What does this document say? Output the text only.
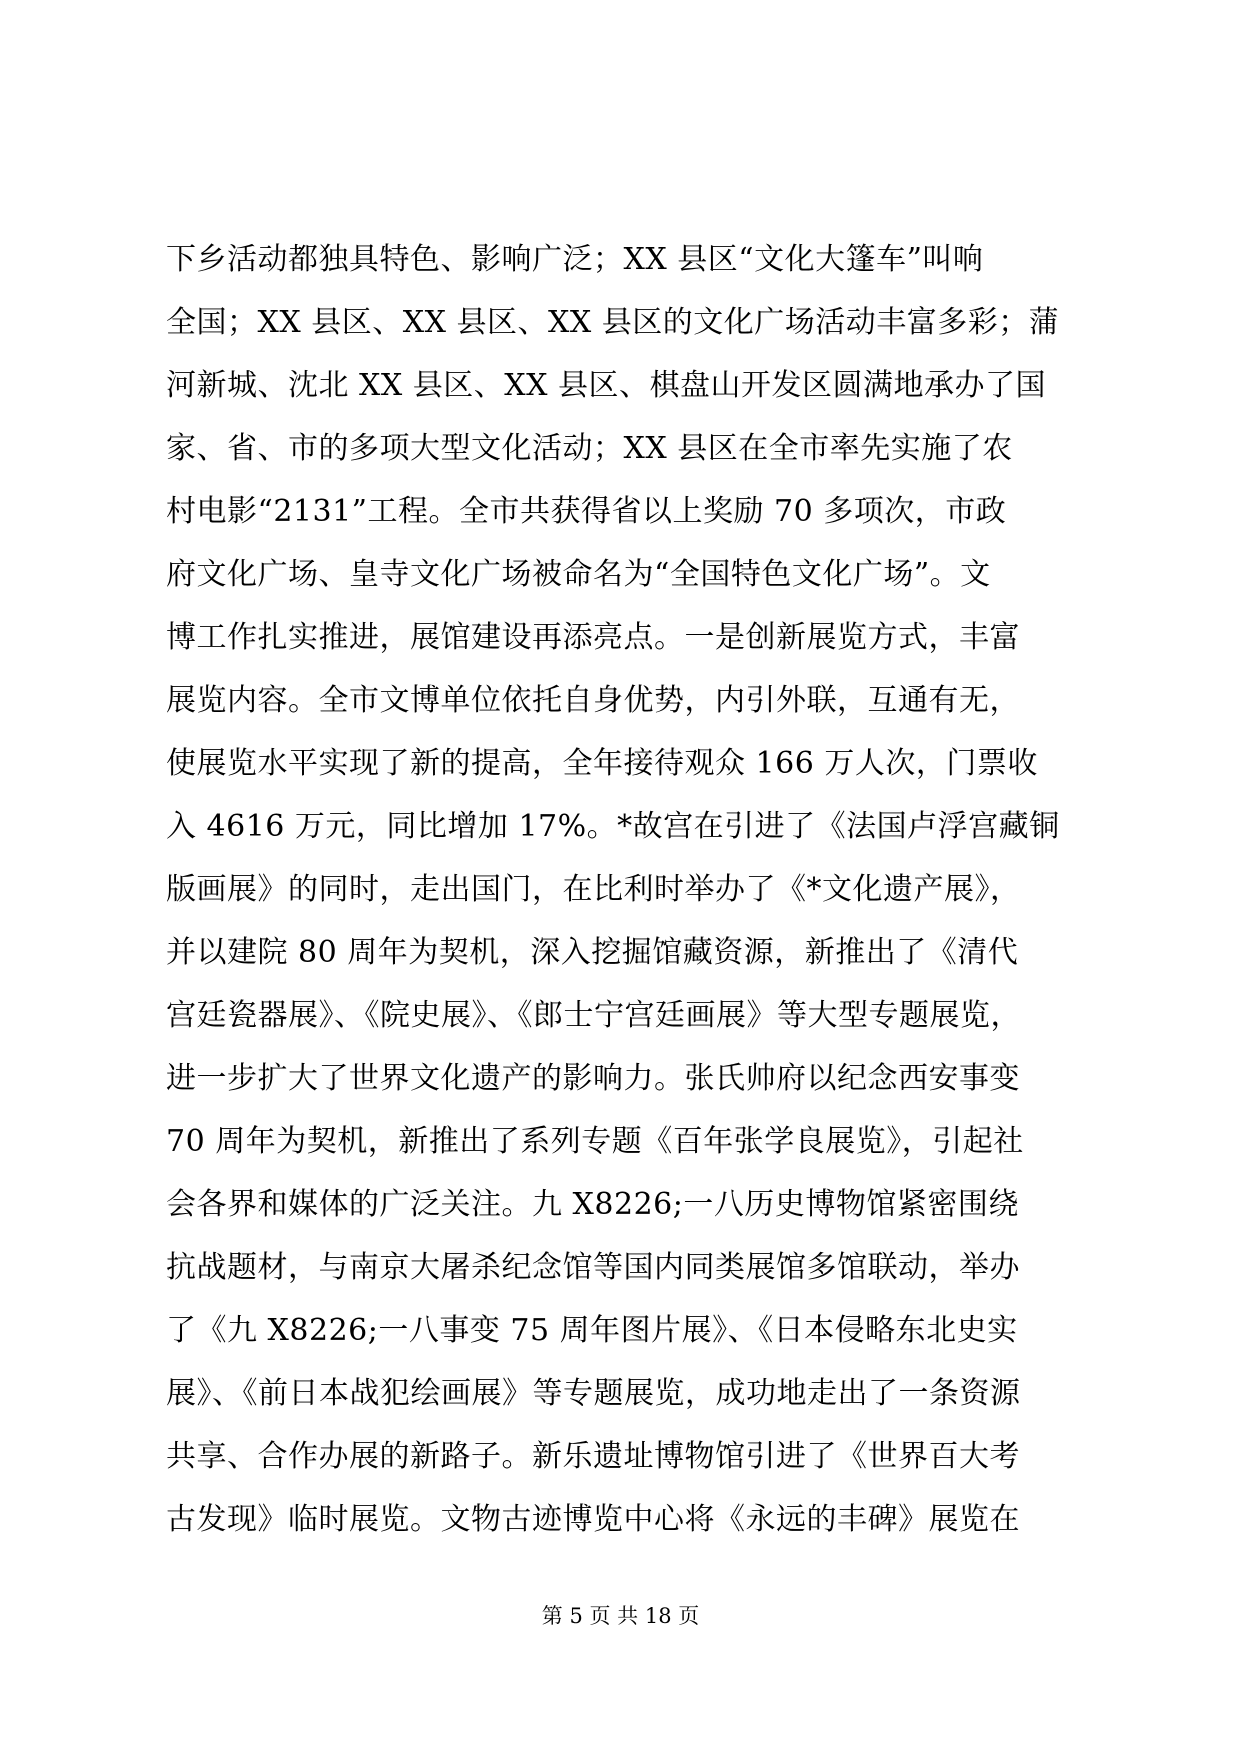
下乡活动都独具特色、影响广泛；XX 县区“文化大篷车”叫响
全国；XX 县区、XX 县区、XX 县区的文化广场活动丰富多彩；蒲
河新城、沈北 XX 县区、XX 县区、棋盘山开发区圆满地承办了国
家、省、市的多项大型文化活动；XX 县区在全市率先实施了农
村电影“2131”工程。全市共获得省以上奖励 70 多项次，市政
府文化广场、皇寺文化广场被命名为“全国特色文化广场”。文
博工作扎实推进，展馆建设再添亮点。一是创新展览方式，丰富
展览内容。全市文博单位依托自身优势，内引外联，互通有无，
使展览水平实现了新的提高，全年接待观众 166 万人次，门票收
入 4616 万元，同比增加 17%。*故宫在引进了《法国卢浮宫藏铜
版画展》的同时，走出国门，在比利时举办了《*文化遗产展》，
并以建院 80 周年为契机，深入挖掘馆藏资源，新推出了《清代
宫廷瓷器展》、《院史展》、《郎士宁宫廷画展》等大型专题展览，
进一步扩大了世界文化遗产的影响力。张氏帅府以纪念西安事变
70 周年为契机，新推出了系列专题《百年张学良展览》，引起社
会各界和媒体的广泛关注。九 X8226;一八历史博物馆紧密围绕
抗战题材，与南京大屠杀纪念馆等国内同类展馆多馆联动，举办
了《九 X8226;一八事变 75 周年图片展》、《日本侵略东北史实
展》、《前日本战犯绘画展》等专题展览，成功地走出了一条资源
共享、合作办展的新路子。新乐遗址博物馆引进了《世界百大考
古发现》临时展览。文物古迹博览中心将《永远的丰碑》展览在
第 5 页 共 18 页
